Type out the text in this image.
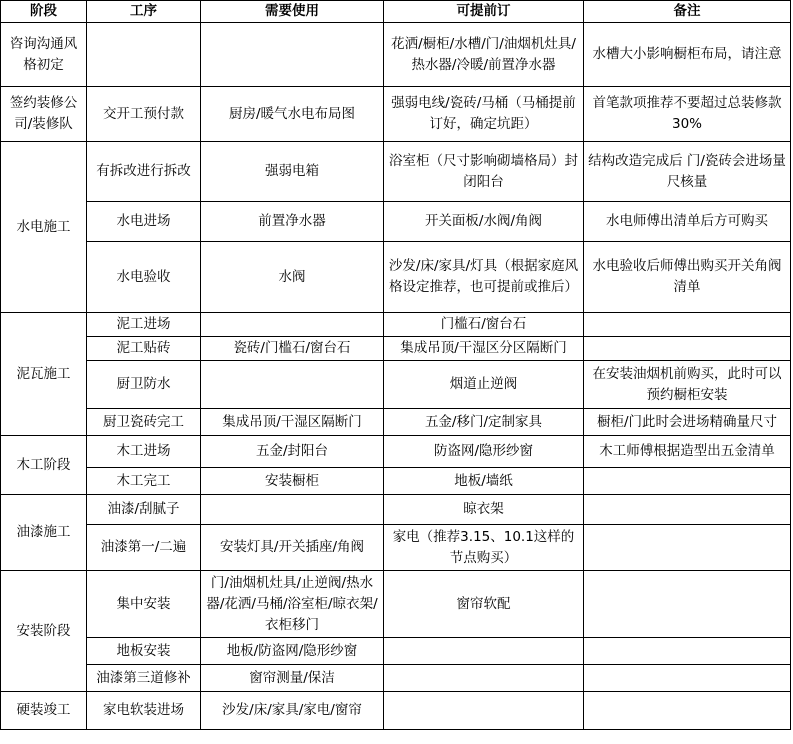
阶段	工序	需要使用	可提前订	备注
咨询沟通风格初定			花洒/橱柜/水槽/门/油烟机灶具/热水器/冷暖/前置净水器	水槽大小影响橱柜布局，请注意
签约装修公司/装修队	交开工预付款	厨房/暖气水电布局图	强弱电线/瓷砖/马桶（马桶提前订好，确定坑距）	首笔款项推荐不要超过总装修款30%
水电施工	有拆改进行拆改	强弱电箱	浴室柜（尺寸影响砌墙格局）封闭阳台	结构改造完成后 门/瓷砖会进场量尺核量
	水电进场	前置净水器	开关面板/水阀/角阀	水电师傅出清单后方可购买
	水电验收	水阀	沙发/床/家具/灯具（根据家庭风格设定推荐，也可提前或推后）	水电验收后师傅出购买开关角阀清单
泥瓦施工	泥工进场		门槛石/窗台石	
	泥工贴砖	瓷砖/门槛石/窗台石	集成吊顶/干湿区分区隔断门	
	厨卫防水		烟道止逆阀	在安装油烟机前购买，此时可以预约橱柜安装
	厨卫瓷砖完工	集成吊顶/干湿区隔断门	五金/移门/定制家具	橱柜/门此时会进场精确量尺寸
木工阶段	木工进场	五金/封阳台	防盗网/隐形纱窗	木工师傅根据造型出五金清单
	木工完工	安装橱柜	地板/墙纸	
油漆施工	油漆/刮腻子		晾衣架	
	油漆第一/二遍	安装灯具/开关插座/角阀	家电（推荐3.15、10.1这样的节点购买）	
安装阶段	集中安装	门/油烟机灶具/止逆阀/热水器/花洒/马桶/浴室柜/晾衣架/衣柜移门	窗帘软配	
	地板安装	地板/防盗网/隐形纱窗		
	油漆第三道修补	窗帘测量/保洁		
硬装竣工	家电软装进场	沙发/床/家具/家电/窗帘		
